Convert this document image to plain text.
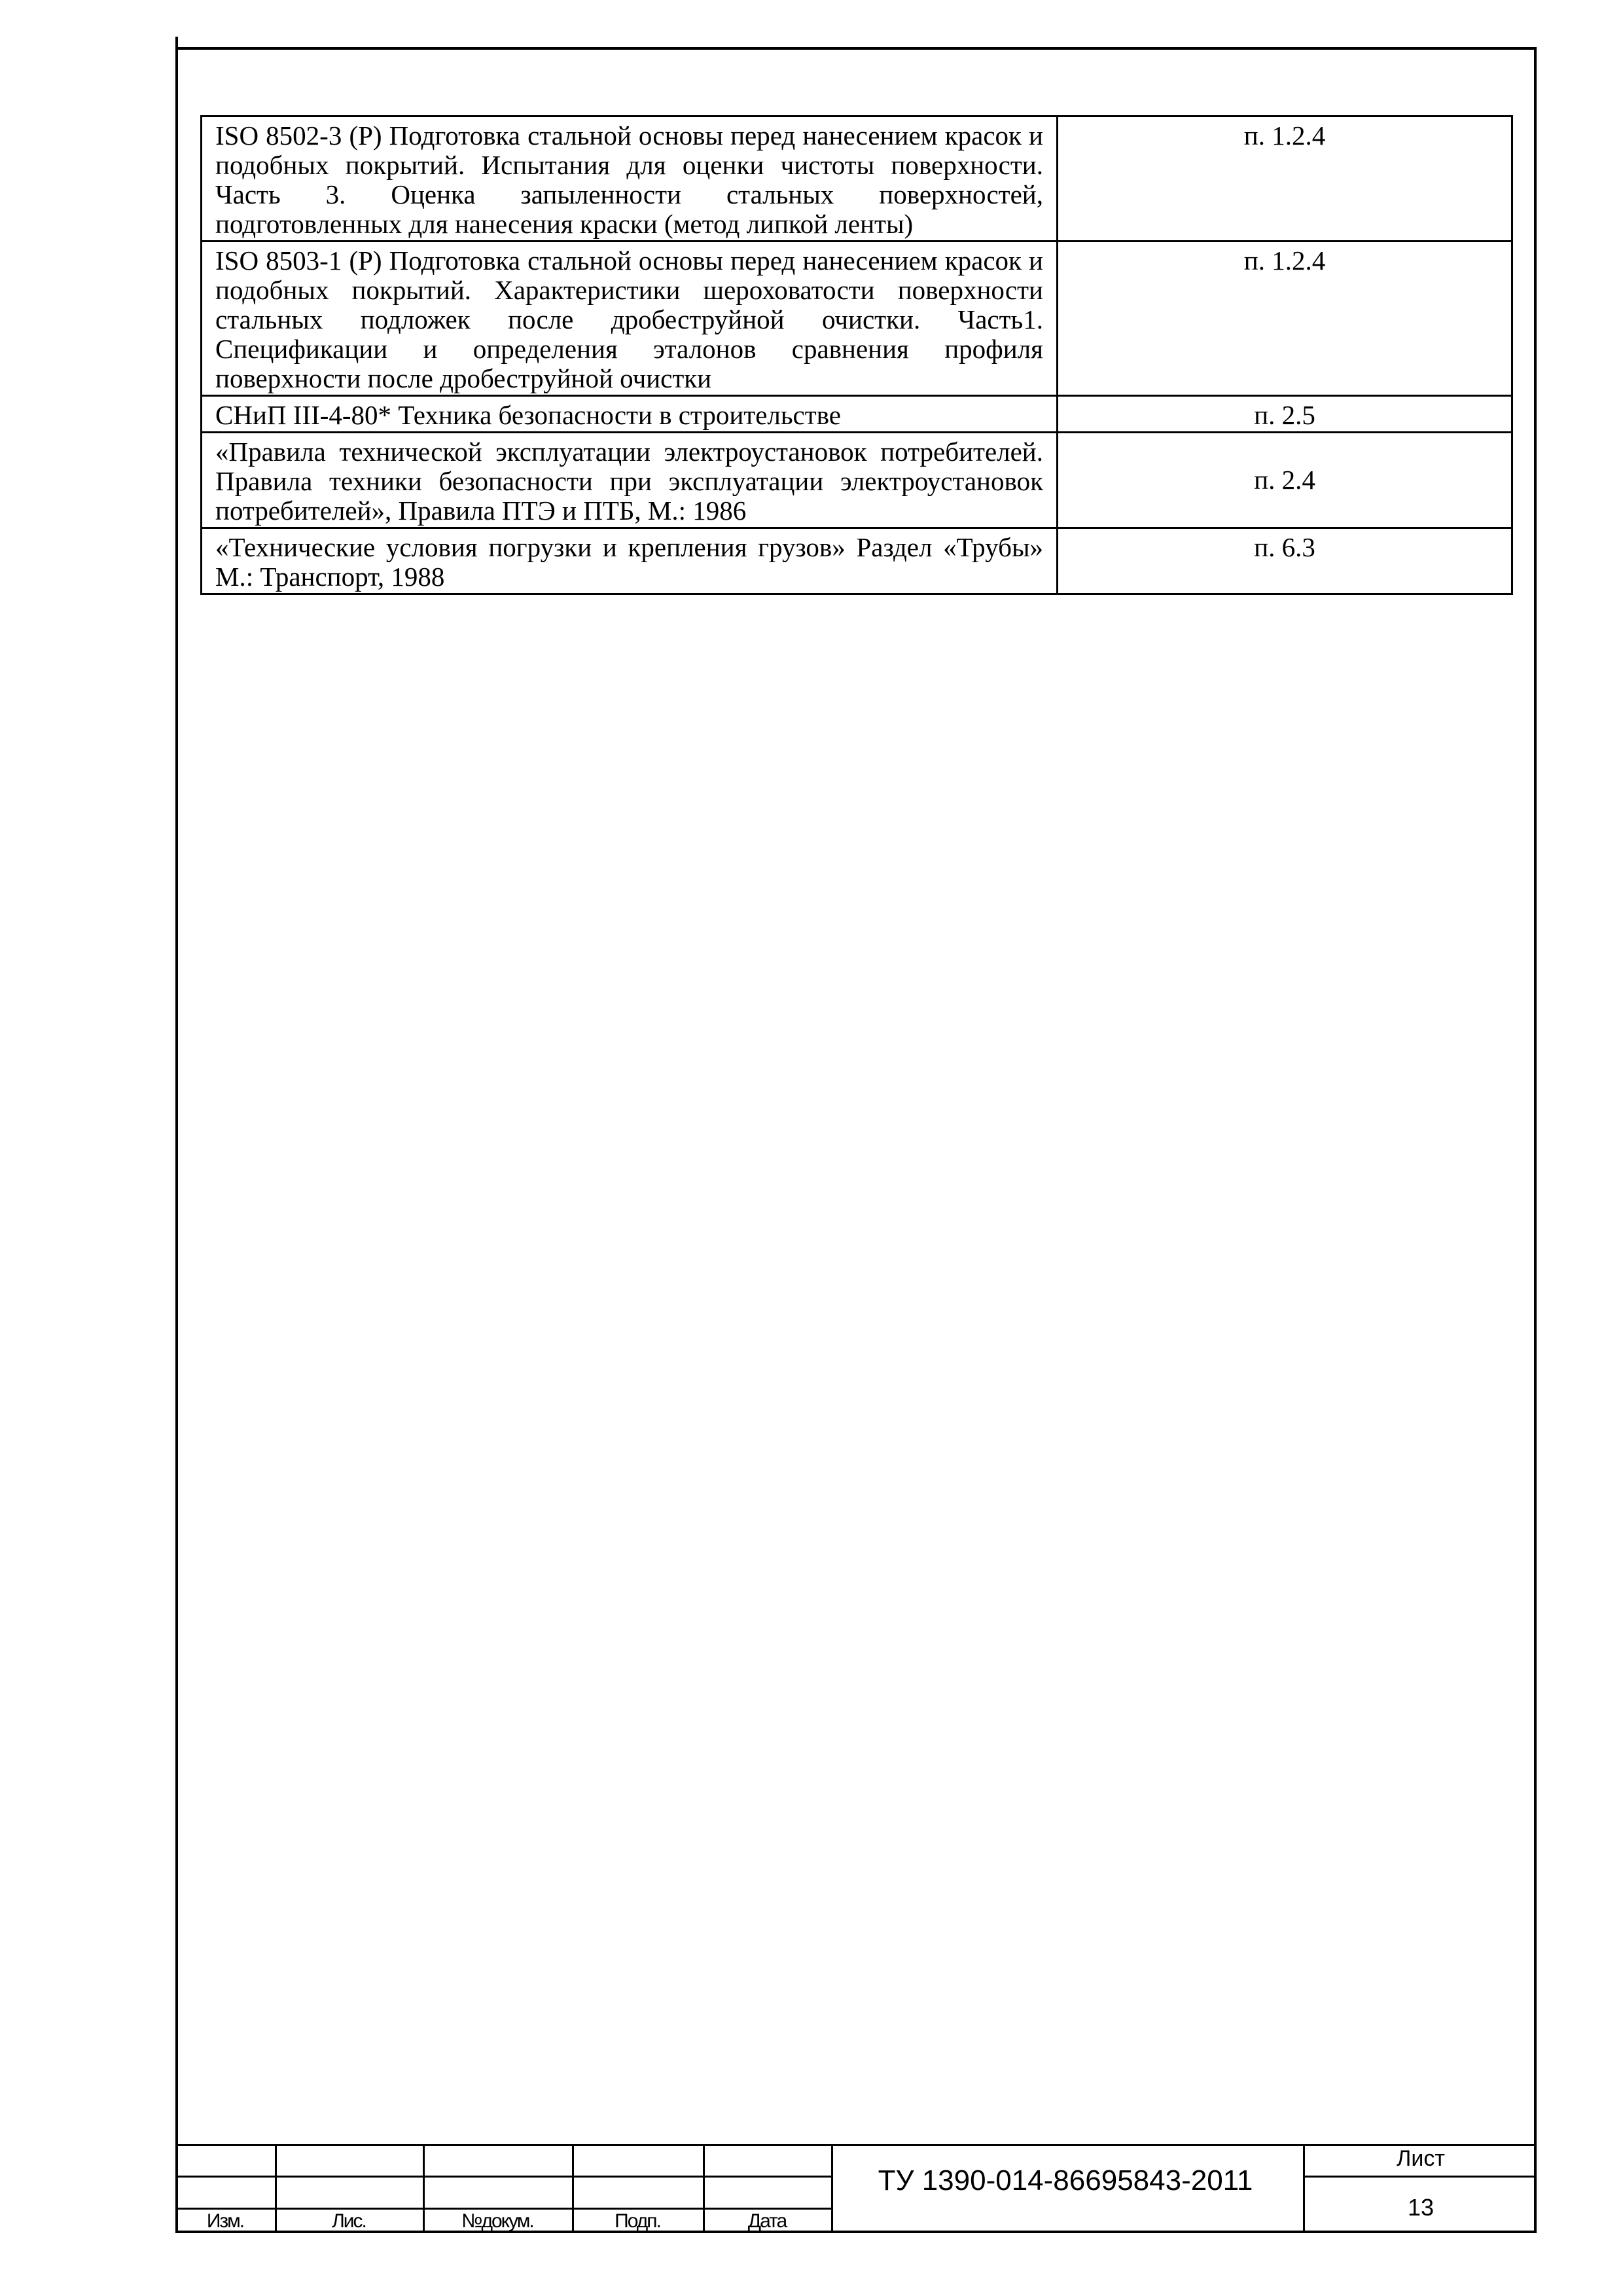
ISO 8502-3 (Р) Подготовка стальной основы перед нанесением красок и подобных покрытий. Испытания для оценки чистоты поверхности. Часть 3. Оценка запыленности стальных поверхностей, подготовленных для нанесения краски (метод липкой ленты)	п. 1.2.4
ISO 8503-1 (Р) Подготовка стальной основы перед нанесением красок и подобных покрытий. Характеристики шероховатости поверхности стальных подложек после дробеструйной очистки. Часть1. Спецификации и определения эталонов сравнения профиля поверхности после дробеструйной очистки	п. 1.2.4
СНиП III-4-80* Техника безопасности в строительстве	п. 2.5
«Правила технической эксплуатации электроустановок потребителей. Правила техники безопасности при эксплуатации электроустановок потребителей», Правила ПТЭ и ПТБ, М.: 1986	п. 2.4
«Технические условия погрузки и крепления грузов» Раздел «Трубы» М.: Транспорт, 1988	п. 6.3
Изм.	Лис.	№докум.	Подп.	Дата
ТУ 1390-014-86695843-2011
Лист
13
